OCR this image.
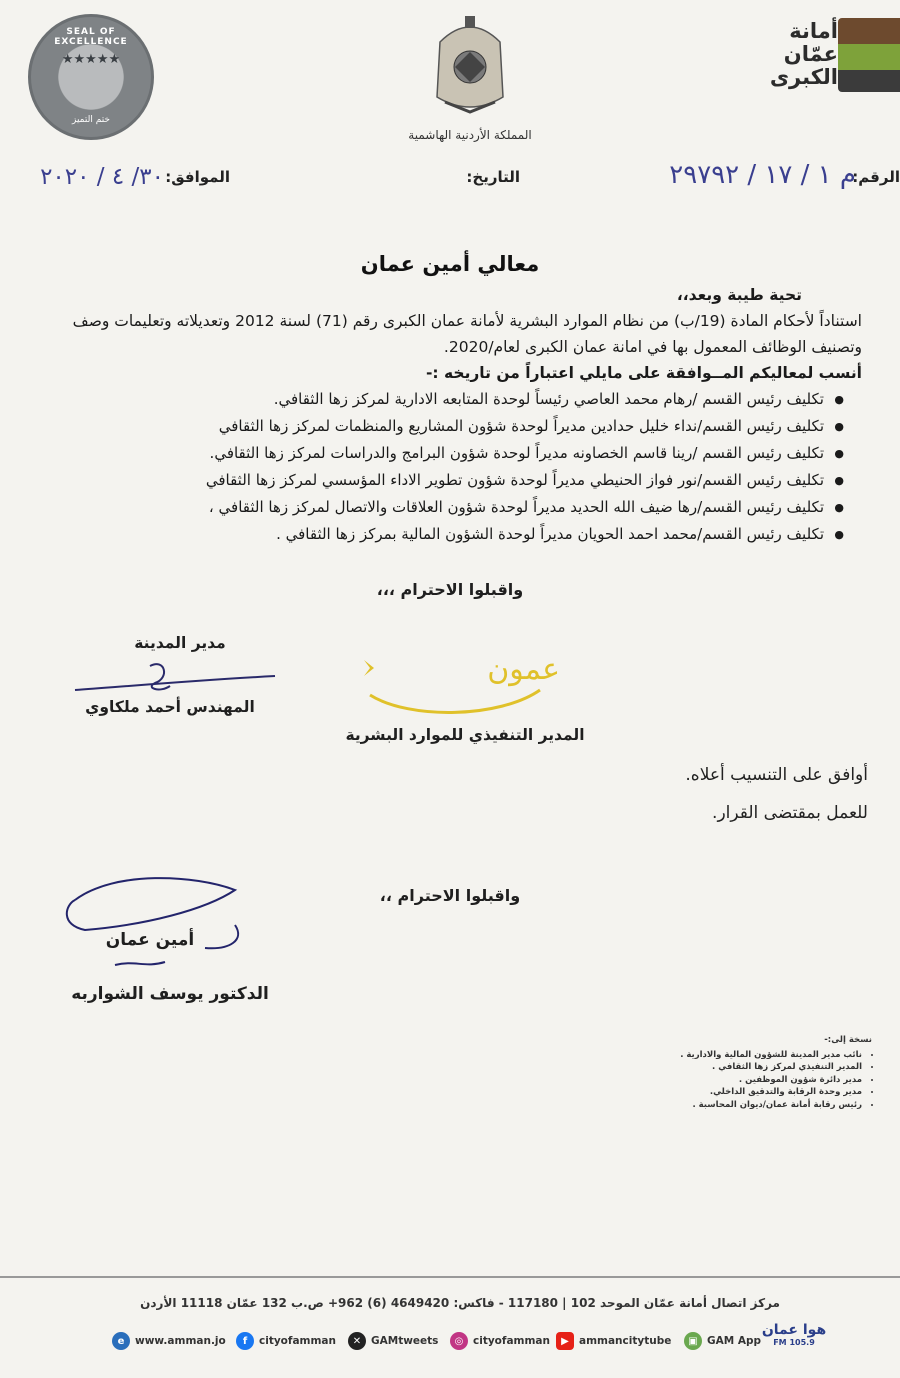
SEAL OF EXCELLENCE
★★★★★
ختم التميز
المملكة الأردنية الهاشمية
أمانة
عمّان
الكبرى
الرقم:
م ١ / ١٧ / ٢٩٧٩٢
التاريخ:
الموافق:
٣٠/ ٤ / ٢٠٢٠
معالي أمين عمان

تحية طيبة وبعد،،

استناداً لأحكام المادة (19/ب) من نظام الموارد البشرية لأمانة عمان الكبرى رقم (71) لسنة 2012 وتعديلاته وتعليمات وصف وتصنيف الوظائف المعمول بها في امانة عمان الكبرى لعام/2020.

أنسب لمعاليكم المــوافقة على مايلي اعتباراً من تاريخه :-

● تكليف رئيس القسم /رهام محمد العاصي رئيساً لوحدة المتابعه الادارية لمركز زها الثقافي.
● تكليف رئيس القسم/نداء خليل حدادين مديراً لوحدة شؤون المشاريع والمنظمات لمركز زها الثقافي
● تكليف رئيس القسم /رينا قاسم الخصاونه مديراً لوحدة شؤون البرامج والدراسات لمركز زها الثقافي.
● تكليف رئيس القسم/نور فواز الحنيطي مديراً لوحدة شؤون تطوير الاداء المؤسسي لمركز زها الثقافي
● تكليف رئيس القسم/رها ضيف الله الحديد مديراً لوحدة شؤون العلاقات والاتصال لمركز زها الثقافي ،
● تكليف رئيس القسم/محمد احمد الحويان مديراً لوحدة الشؤون المالية بمركز زها الثقافي .
واقبلوا الاحترام ،،،
مدير المدينة
المهندس أحمد ملكاوي
عمون
المدير التنفيذي للموارد البشرية
أوافق على التنسيب أعلاه.
للعمل بمقتضى القرار.
واقبلوا الاحترام ،،
أمين عمان
الدكتور يوسف الشواربه
نسخة إلى:-
• نائب مدير المدينة للشؤون المالية والادارية .
• المدير التنفيذي لمركز زها الثقافي .
• مدير دائرة شؤون الموظفين .
• مدير وحدة الرقابة والتدقيق الداخلي.
• رئيس رقابة أمانة عمان/ديوان المحاسبة .
مركز اتصال أمانة عمّان الموحد 102 | 117180 - فاكس: 4649420 (6) 962+ ص.ب 132 عمّان 11118 الأردن
e	www.amman.jo	f	cityofamman	✕ GAMtweets	◎ cityofamman	▶ ammancitytube	▣ GAM App
هوا عمان
105.9 FM
